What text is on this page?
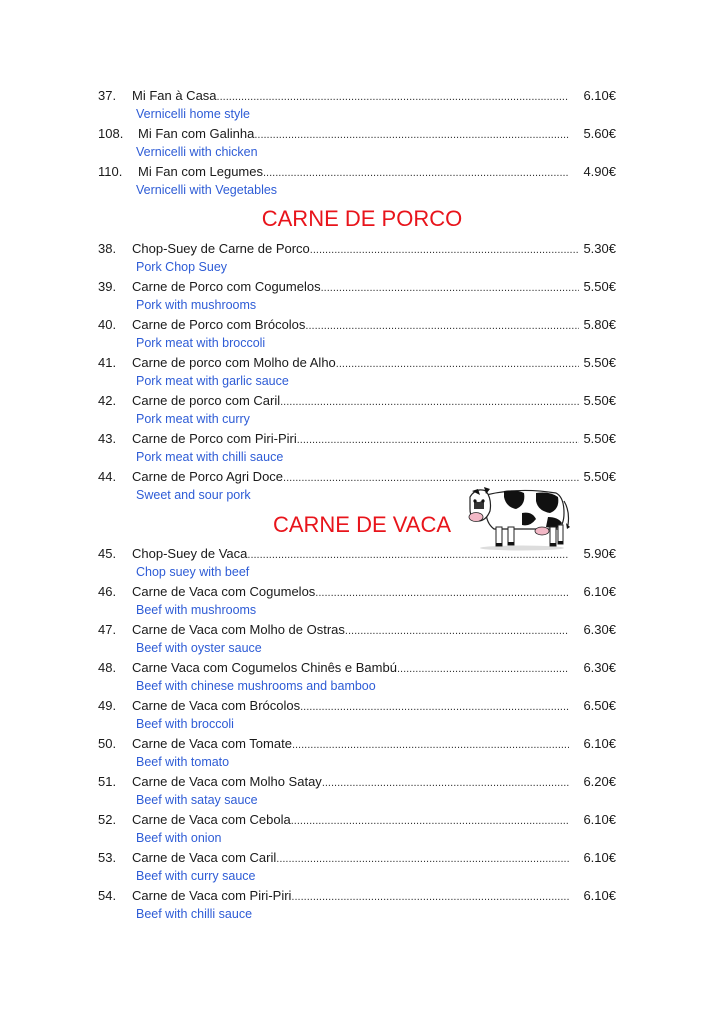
37.	Mi Fan à Casa .....	6.10€
Vernicelli home style
108.	Mi Fan com Galinha .....	5.60€
Vernicelli with chicken
110.	Mi Fan com Legumes .....	4.90€
Vernicelli with Vegetables
CARNE DE PORCO
38.	Chop-Suey de Carne de Porco .....	5.30€
Pork Chop Suey
39.	Carne de Porco com Cogumelos .....	5.50€
Pork with mushrooms
40.	Carne de Porco com Brócolos .....	5.80€
Pork meat with broccoli
41.	Carne de porco com Molho de Alho .....	5.50€
Pork meat with garlic sauce
42.	Carne de porco com Caril .....	5.50€
Pork meat with curry
43.	Carne de Porco com Piri-Piri .....	5.50€
Pork meat with chilli sauce
44.	Carne de Porco Agri Doce .....	5.50€
Sweet and sour pork
CARNE DE VACA
45.	Chop-Suey de Vaca .....	5.90€
Chop suey with beef
46.	Carne de Vaca com Cogumelos .....	6.10€
Beef with mushrooms
47.	Carne de Vaca com Molho de Ostras .....	6.30€
Beef with oyster sauce
48.	Carne Vaca com Cogumelos Chinês e Bambú .....	6.30€
Beef with chinese mushrooms and bamboo
49.	Carne de Vaca com Brócolos .....	6.50€
Beef with broccoli
50.	Carne de Vaca com Tomate .....	6.10€
Beef with tomato
51.	Carne de Vaca com Molho Satay .....	6.20€
Beef with satay sauce
52.	Carne de Vaca com Cebola .....	6.10€
Beef with onion
53.	Carne de Vaca com Caril .....	6.10€
Beef with curry sauce
54.	Carne de Vaca com Piri-Piri .....	6.10€
Beef with chilli sauce
